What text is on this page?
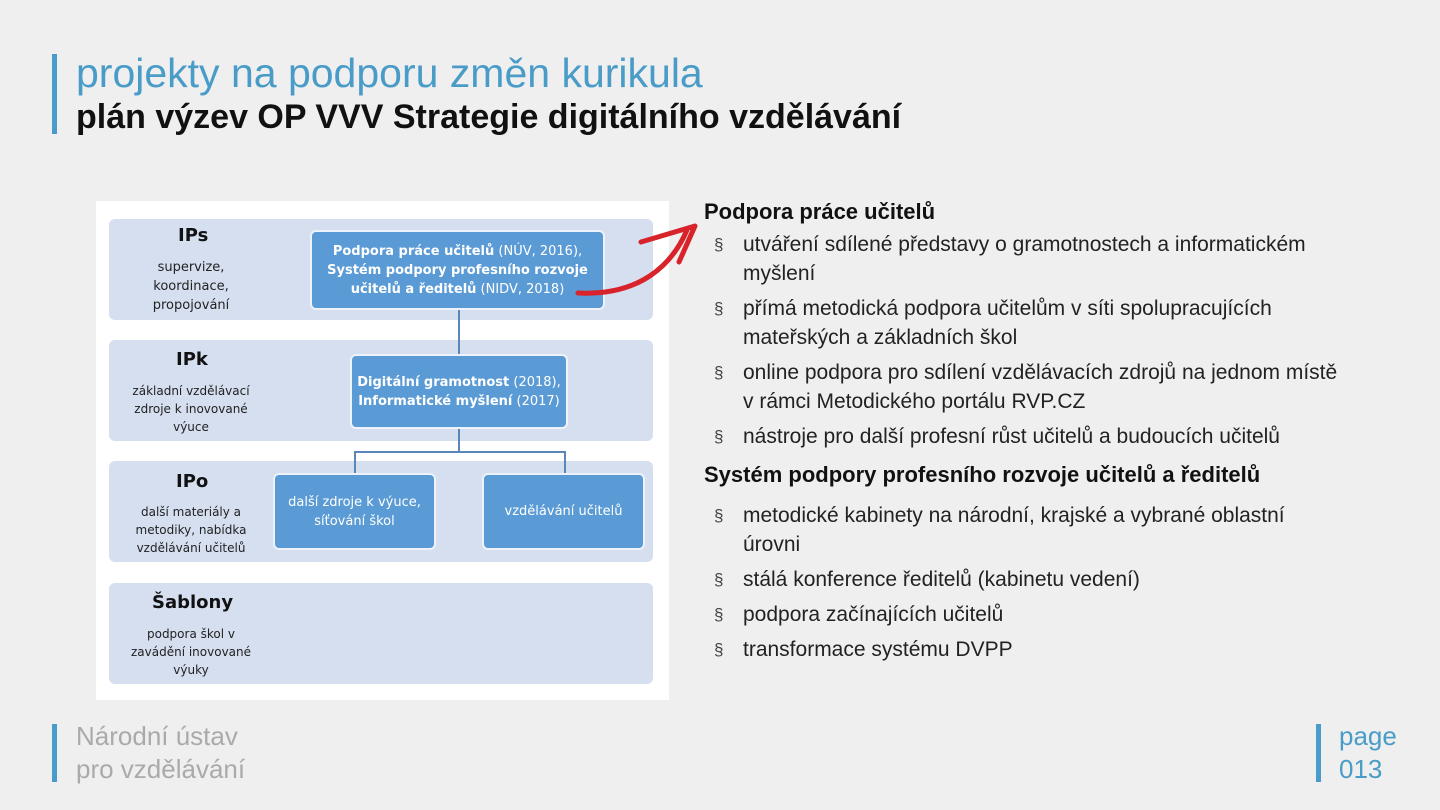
projekty na podporu změn kurikula
plán výzev OP VVV Strategie digitálního vzdělávání
IPs
supervize,
koordinace,
propojování
IPk
základní vzdělávací
zdroje k inovované
výuce
IPo
další materiály a
metodiky, nabídka
vzdělávání učitelů
Šablony
podpora škol v
zavádění inovované
výuky
Podpora práce učitelů (NÚV, 2016),
Systém podpory profesního rozvoje
učitelů a ředitelů (NIDV, 2018)
Digitální gramotnost (2018),
Informatické myšlení (2017)
další zdroje k výuce,
síťování škol
vzdělávání učitelů
Podpora práce učitelů
§ utváření sdílené představy o gramotnostech a informatickém myšlení
§ přímá metodická podpora učitelům v síti spolupracujících mateřských a základních škol
§ online podpora pro sdílení vzdělávacích zdrojů na jednom místě v rámci Metodického portálu RVP.CZ
§ nástroje pro další profesní růst učitelů a budoucích učitelů
Systém podpory profesního rozvoje učitelů a ředitelů
§ metodické kabinety na národní, krajské a vybrané oblastní úrovni
§ stálá konference ředitelů (kabinetu vedení)
§ podpora začínajících učitelů
§ transformace systému DVPP
Národní ústav
pro vzdělávání
page
013
